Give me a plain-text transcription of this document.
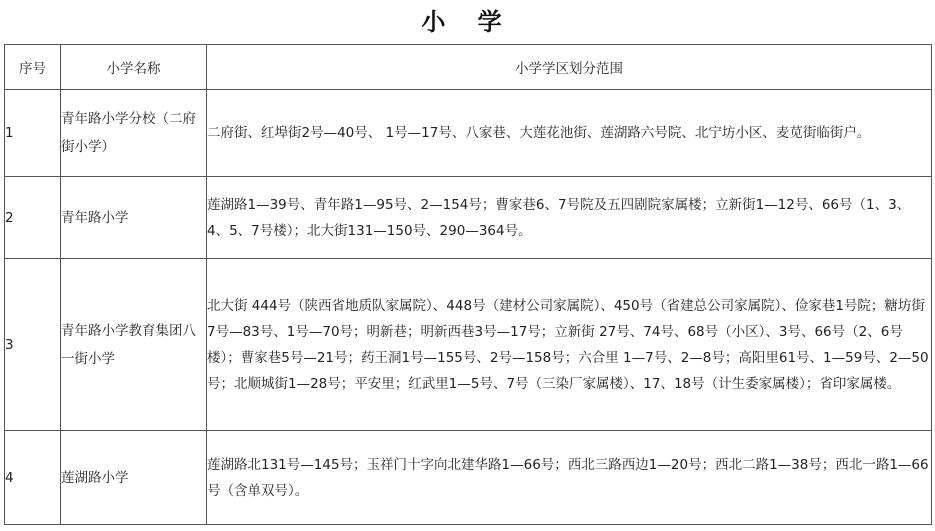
小 学
序号	小学名称	小学学区划分范围
1	青年路小学分校（二府街小学）	二府街、红埠街2号—40号、 1号—17号、八家巷、大莲花池街、莲湖路六号院、北宁坊小区、麦苋街临街户。
2	青年路小学	莲湖路1—39号、青年路1—95号、2—154号；曹家巷6、7号院及五四剧院家属楼；立新街1—12号、66号（1、3、4、5、7号楼）；北大街131—150号、290—364号。
3	青年路小学教育集团八一街小学	北大街 444号（陕西省地质队家属院）、448号（建材公司家属院）、450号（省建总公司家属院）、俭家巷1号院；糖坊街7号—83号、1号—70号；明新巷；明新西巷3号—17号；立新街 27号、74号、68号（小区）、3号、66号（2、6号楼）；曹家巷5号—21号；药王洞1号—155号、2号—158号；六合里 1—7号、2—8号；高阳里61号、1—59号、2—50号；北顺城街1—28号；平安里；红武里1—5号、7号（三染厂家属楼）、17、18号（计生委家属楼）；省印家属楼。
4	莲湖路小学	莲湖路北131号—145号；玉祥门十字向北建华路1—66号；西北三路西边1—20号；西北二路1—38号；西北一路1—66号（含单双号）。
